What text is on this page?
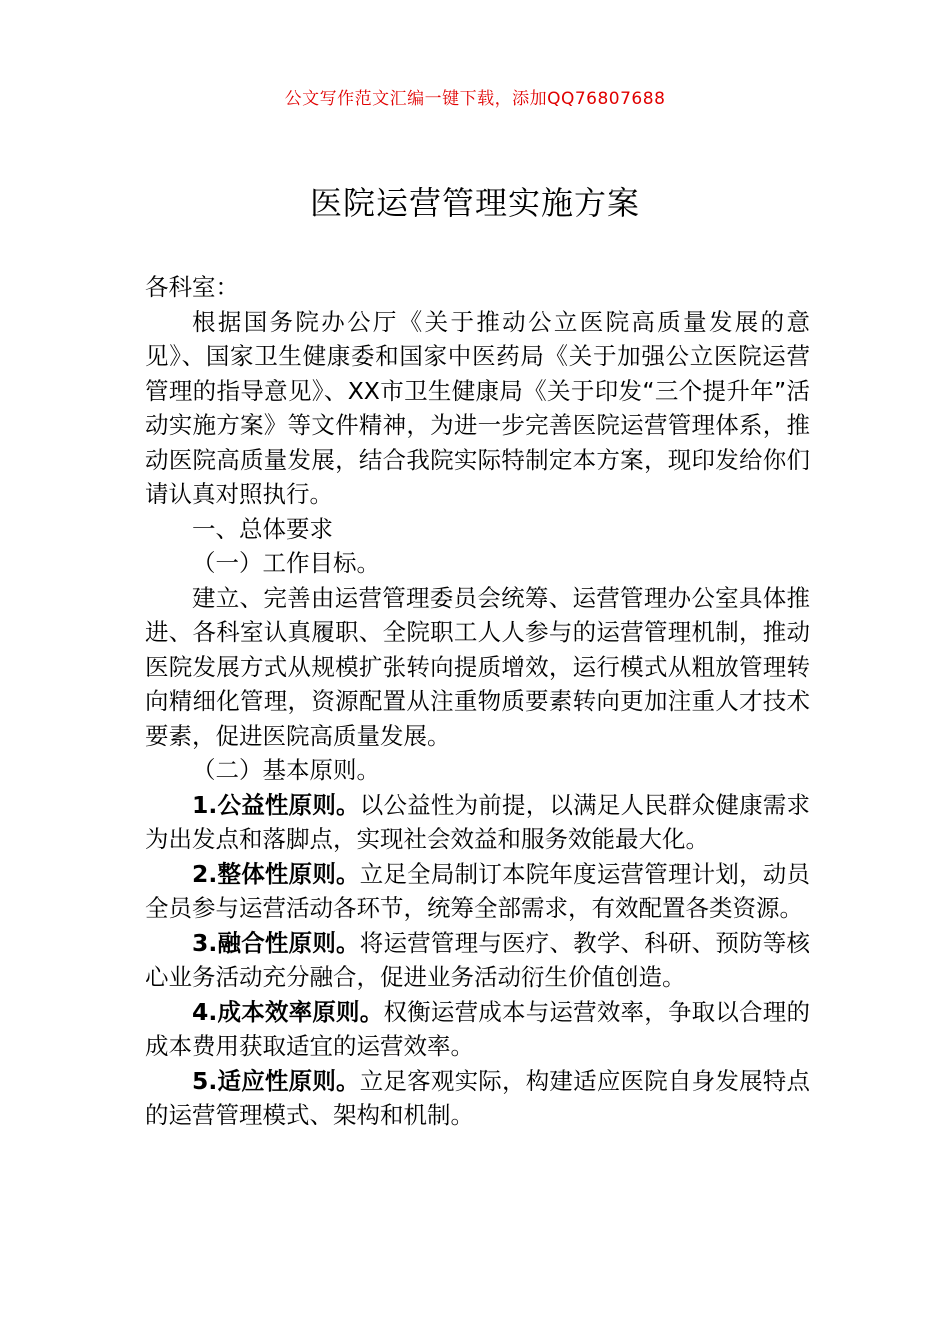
公文写作范文汇编一键下载，添加QQ76807688
医院运营管理实施方案

各科室：

根据国务院办公厅《关于推动公立医院高质量发展的意见》、国家卫生健康委和国家中医药局《关于加强公立医院运营管理的指导意见》、XX市卫生健康局《关于印发“三个提升年”活动实施方案》等文件精神，为进一步完善医院运营管理体系，推动医院高质量发展，结合我院实际特制定本方案，现印发给你们请认真对照执行。

一、总体要求

（一）工作目标。

建立、完善由运营管理委员会统筹、运营管理办公室具体推进、各科室认真履职、全院职工人人参与的运营管理机制，推动医院发展方式从规模扩张转向提质增效，运行模式从粗放管理转向精细化管理，资源配置从注重物质要素转向更加注重人才技术要素，促进医院高质量发展。

（二）基本原则。

1.公益性原则。以公益性为前提，以满足人民群众健康需求为出发点和落脚点，实现社会效益和服务效能最大化。

2.整体性原则。立足全局制订本院年度运营管理计划，动员全员参与运营活动各环节，统筹全部需求，有效配置各类资源。

3.融合性原则。将运营管理与医疗、教学、科研、预防等核心业务活动充分融合，促进业务活动衍生价值创造。

4.成本效率原则。权衡运营成本与运营效率，争取以合理的成本费用获取适宜的运营效率。

5.适应性原则。立足客观实际，构建适应医院自身发展特点的运营管理模式、架构和机制。
